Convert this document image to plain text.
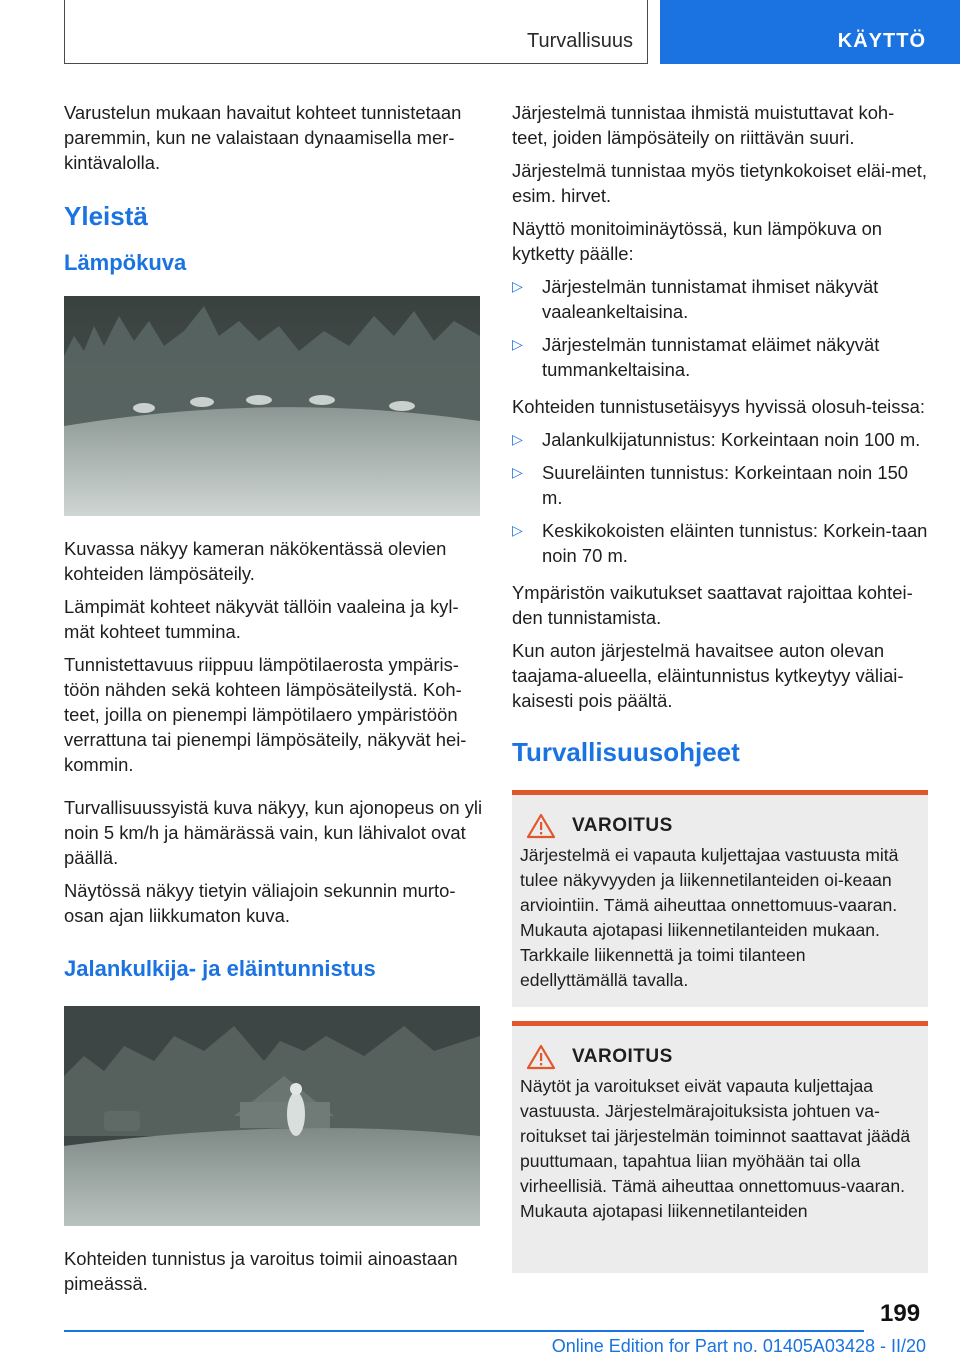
Turvallisuus	KÄYTTÖ

Varustelun mukaan havaitut kohteet tunnistetaan paremmin, kun ne valaistaan dynaamisella mer-kintävalolla.

Yleistä
Lämpökuva

Kuvassa näkyy kameran näkökentässä olevien kohteiden lämpösäteily.

Lämpimät kohteet näkyvät tällöin vaaleina ja kyl-mät kohteet tummina.

Tunnistettavuus riippuu lämpötilaerosta ympäris-töön nähden sekä kohteen lämpösäteilystä. Koh-teet, joilla on pienempi lämpötilaero ympäristöön verrattuna tai pienempi lämpösäteily, näkyvät hei-kommin.

Turvallisuussyistä kuva näkyy, kun ajonopeus on yli noin 5 km/h ja hämärässä vain, kun lähivalot ovat päällä.

Näytössä näkyy tietyin väliajoin sekunnin murto-osan ajan liikkumaton kuva.

Jalankulkija- ja eläintunnistus

Kohteiden tunnistus ja varoitus toimii ainoastaan pimeässä.

Järjestelmä tunnistaa ihmistä muistuttavat koh-teet, joiden lämpösäteily on riittävän suuri.

Järjestelmä tunnistaa myös tietynkokoiset eläi-met, esim. hirvet.

Näyttö monitoiminäytössä, kun lämpökuva on kytketty päälle:

▷ Järjestelmän tunnistamat ihmiset näkyvät vaaleankeltaisina.
▷ Järjestelmän tunnistamat eläimet näkyvät tummankeltaisina.

Kohteiden tunnistusetäisyys hyvissä olosuh-teissa:

▷ Jalankulkijatunnistus: Korkeintaan noin 100 m.
▷ Suureläinten tunnistus: Korkeintaan noin 150 m.
▷ Keskikokoisten eläinten tunnistus: Korkein-taan noin 70 m.

Ympäristön vaikutukset saattavat rajoittaa kohtei-den tunnistamista.

Kun auton järjestelmä havaitsee auton olevan taajama-alueella, eläintunnistus kytkeytyy väliai-kaisesti pois päältä.

Turvallisuusohjeet
VAROITUS

Järjestelmä ei vapauta kuljettajaa vastuusta mitä tulee näkyvyyden ja liikennetilanteiden oi-keaan arviointiin. Tämä aiheuttaa onnettomuus-vaaran. Mukauta ajotapasi liikennetilanteiden mukaan. Tarkkaile liikennettä ja toimi tilanteen edellyttämällä tavalla.

VAROITUS

Näytöt ja varoitukset eivät vapauta kuljettajaa vastuusta. Järjestelmärajoituksista johtuen va-roitukset tai järjestelmän toiminnot saattavat jäädä puuttumaan, tapahtua liian myöhään tai olla virheellisiä. Tämä aiheuttaa onnettomuus-vaaran. Mukauta ajotapasi liikennetilanteiden

199
Online Edition for Part no. 01405A03428 - II/20
